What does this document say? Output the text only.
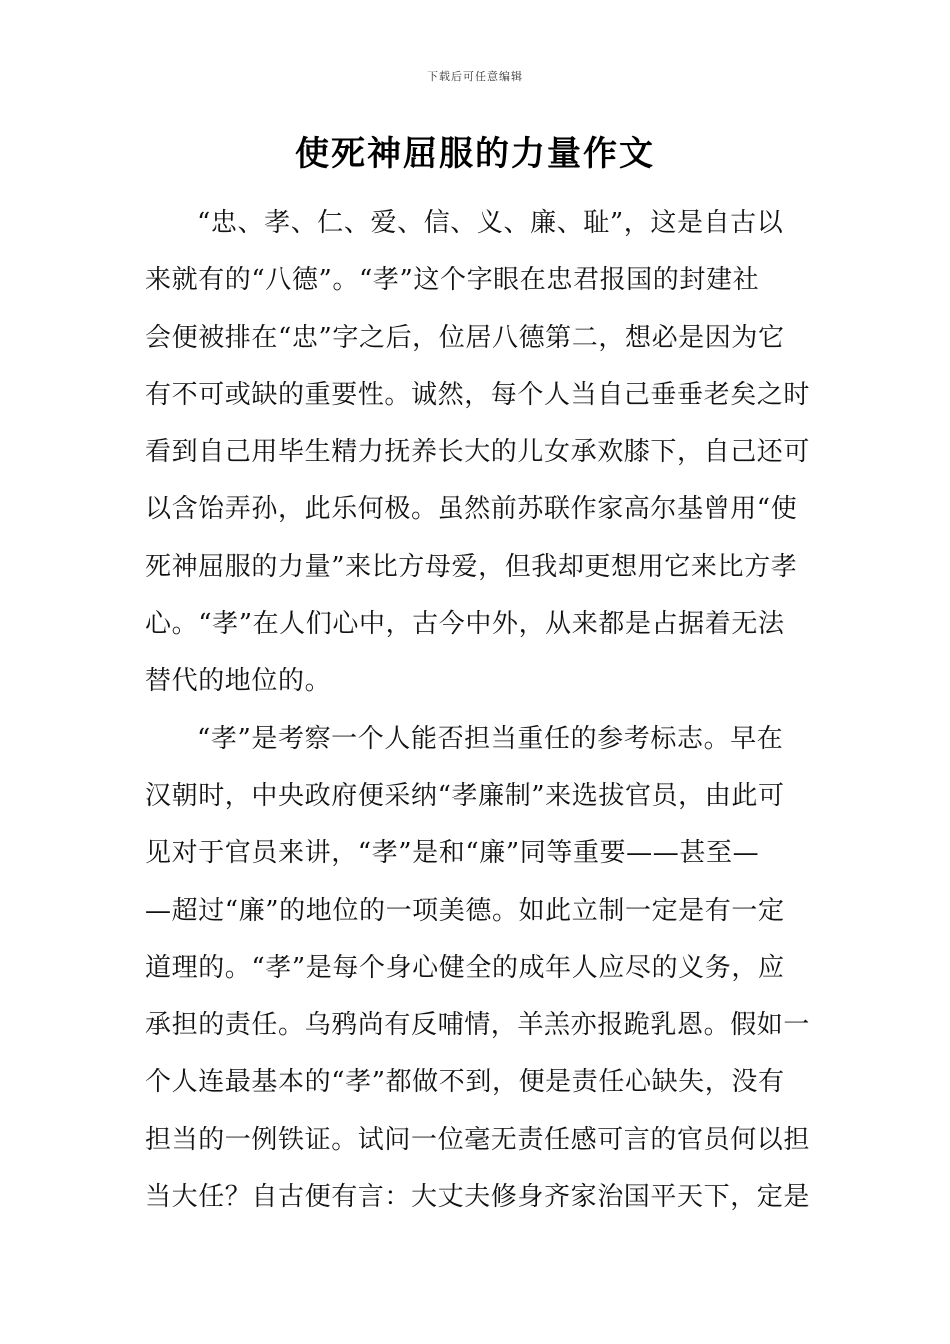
下载后可任意编辑
使死神屈服的力量作文
“忠、孝、仁、爱、信、义、廉、耻”，这是自古以
来就有的“八德”。“孝”这个字眼在忠君报国的封建社
会便被排在“忠”字之后，位居八德第二，想必是因为它
有不可或缺的重要性。诚然，每个人当自己垂垂老矣之时
看到自己用毕生精力抚养长大的儿女承欢膝下，自己还可
以含饴弄孙，此乐何极。虽然前苏联作家高尔基曾用“使
死神屈服的力量”来比方母爱，但我却更想用它来比方孝
心。“孝”在人们心中，古今中外，从来都是占据着无法
替代的地位的。
“孝”是考察一个人能否担当重任的参考标志。早在
汉朝时，中央政府便采纳“孝廉制”来选拔官员，由此可
见对于官员来讲，“孝”是和“廉”同等重要——甚至—
—超过“廉”的地位的一项美德。如此立制一定是有一定
道理的。“孝”是每个身心健全的成年人应尽的义务，应
承担的责任。乌鸦尚有反哺情，羊羔亦报跪乳恩。假如一
个人连最基本的“孝”都做不到，便是责任心缺失，没有
担当的一例铁证。试问一位毫无责任感可言的官员何以担
当大任？自古便有言：大丈夫修身齐家治国平天下，定是
